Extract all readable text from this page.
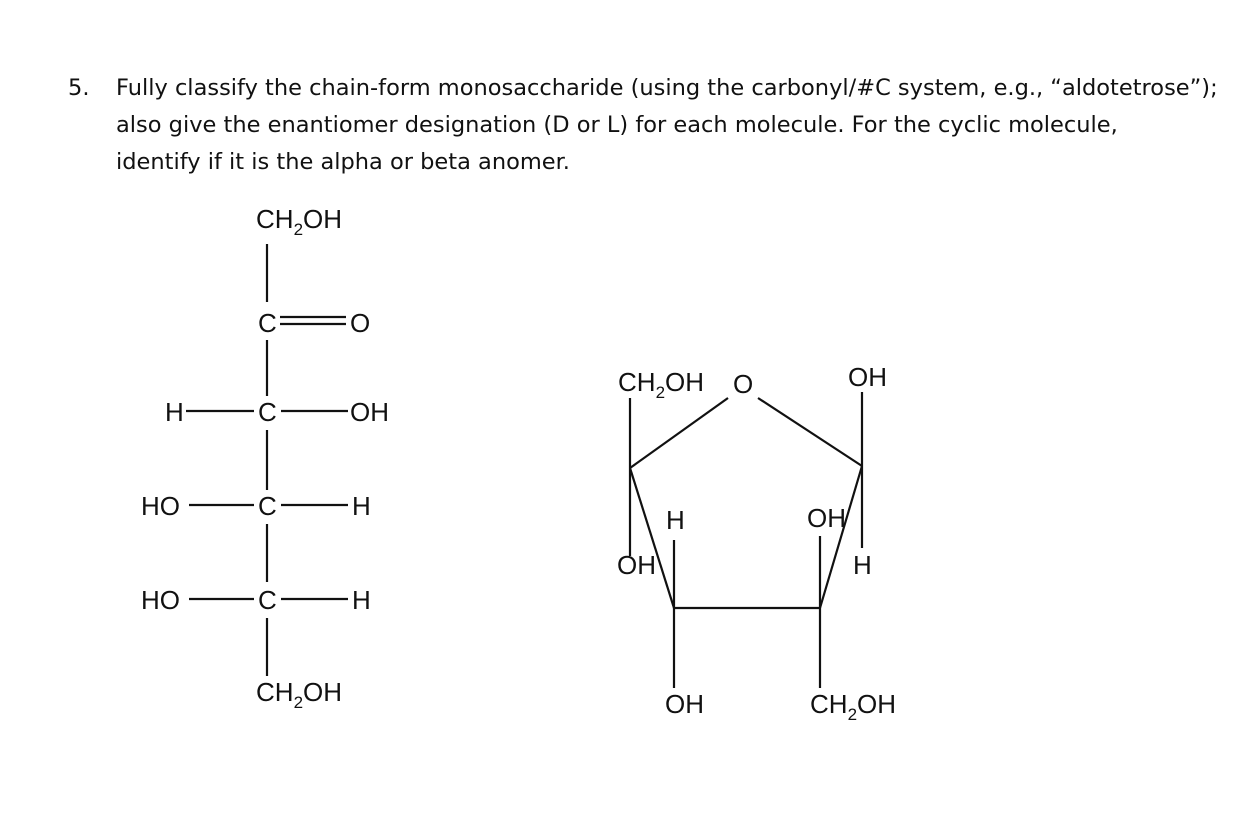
5. Fully classify the chain-form monosaccharide (using the carbonyl/#C system, e.g., “aldotetrose”);
also give the enantiomer designation (D or L) for each molecule. For the cyclic molecule,
identify if it is the alpha or beta anomer.
$CH_2OH$
C	O
H	C	OH
HO	C	H
HO	C	H
$CH_2OH$
$CH_2OH$ O	OH
H
OH
OH
H
OH	$CH_2OH$
